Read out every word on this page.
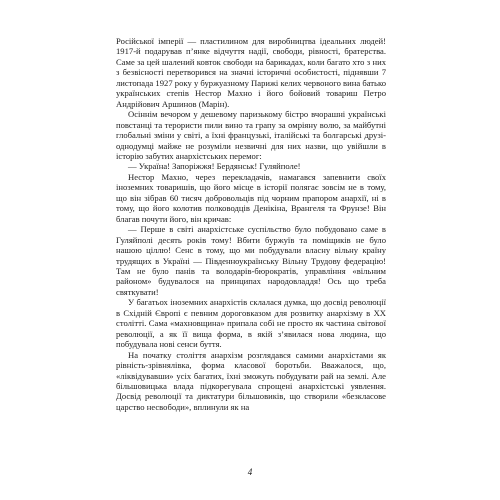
Російської імперії — пластилином для виробництва ідеальних людей! 1917-й подарував п’янке відчуття надії, свободи, рівності, братерства. Саме за цей шалений ковток свободи на барикадах, коли багато хто з них з безвісності перетворився на значні історичні особистості, піднявши 7 листопада 1927 року у буржуазному Парижі келих червоного вина батько українських степів Нестор Махно і його бойовий товариш Петро Андрійович Аршинов (Марін).

Осіннім вечором у дешевому паризькому бістро вчорашні українські повстанці та терористи пили вино та грапу за омріяну волю, за майбутні глобальні зміни у світі, а їхні французькі, італійські та болгарські друзі-однодумці майже не розуміли незвичні для них назви, що увійшли в історію забутих анархістських перемог:

— Україна! Запоріжжя! Бердянськ! Гуляйполе!

Нестор Махно, через перекладачів, намагався запевнити своїх іноземних товаришів, що його місце в історії полягає зовсім не в тому, що він зібрав 60 тисяч добровольців під чорним прапором анархії, ні в тому, що його колотив полководців Денікіна, Врангеля та Фрунзе! Він благав почути його, він кричав:

— Перше в світі анархістське суспільство було побудовано саме в Гуляйполі десять років тому! Вбити буржуїв та поміщиків не було нашою ціллю! Сенс в тому, що ми побудували власну вільну країну трудящих в Україні — Південноукраїнську Вільну Трудову федерацію! Там не було панів та володарів-бюрократів, управління «вільним районом» будувалося на принципах народовладдя! Ось що треба святкувати!

У багатьох іноземних анархістів склалася думка, що досвід революції в Східній Європі є певним дороговказом для розвитку анархізму в XX столітті. Сама «махновщина» припала собі не просто як частина світової революції, а як її вища форма, в якій з’явилася нова людина, що побудувала нові сенси буття.

На початку століття анархізм розглядався самими анархістами як рівність-зрівнялівка, форма класової боротьби. Вважалося, що, «ліквідувавши» усіх багатих, їхні зможуть побудувати рай на землі. Але більшовицька влада підкорегувала спрощені анархістські уявлення. Досвід революції та диктатури більшовиків, що створили «безкласове царство несвободи», вплинули як на

4
